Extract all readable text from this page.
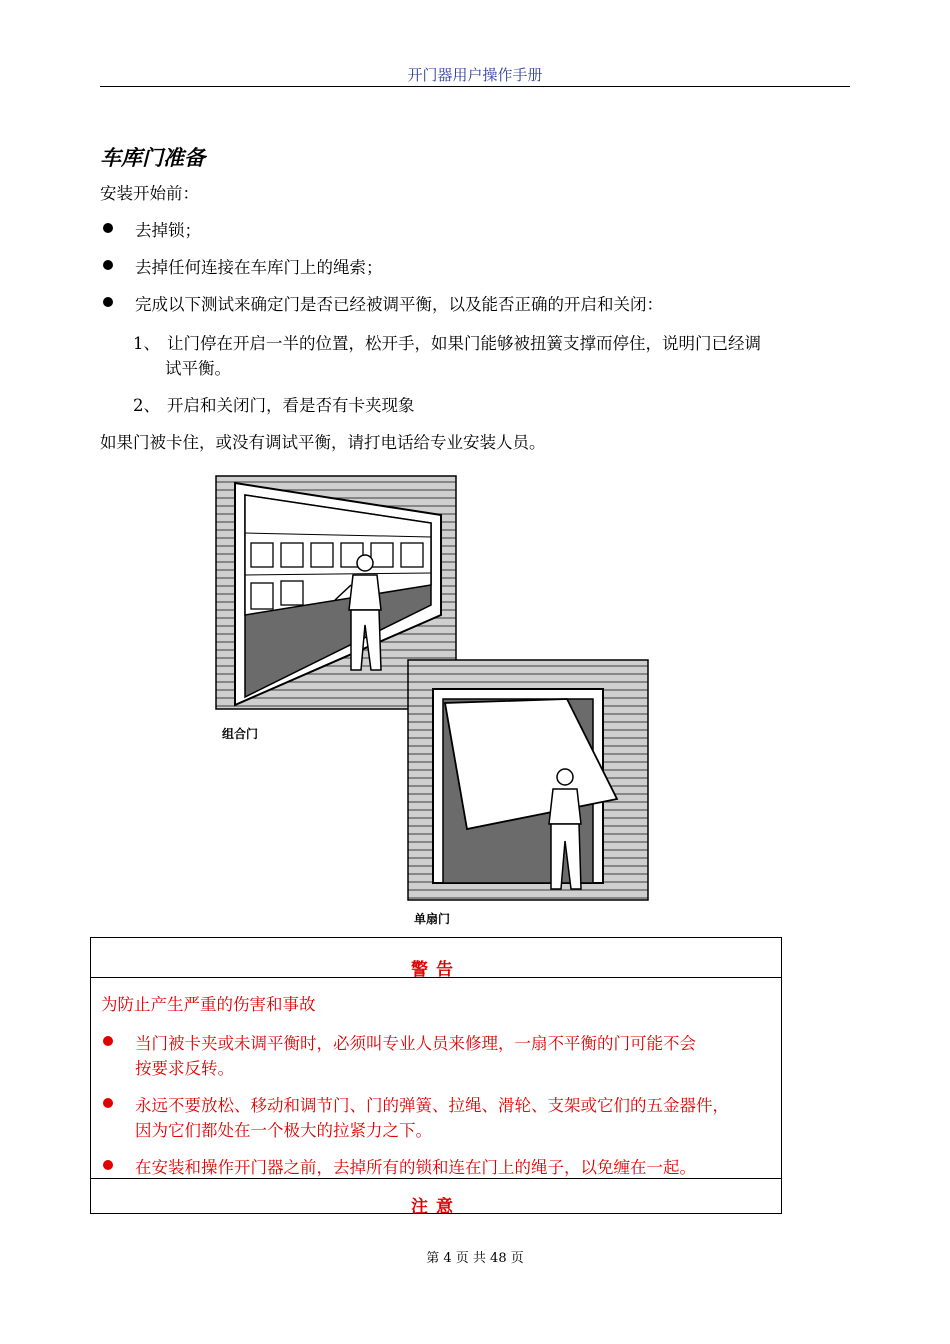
开门器用户操作手册
车库门准备
安装开始前：
去掉锁；
去掉任何连接在车库门上的绳索；
完成以下测试来确定门是否已经被调平衡，以及能否正确的开启和关闭：
1、 让门停在开启一半的位置，松开手，如果门能够被扭簧支撑而停住，说明门已经调
试平衡。
2、 开启和关闭门，看是否有卡夹现象
如果门被卡住，或没有调试平衡，请打电话给专业安装人员。
组合门
单扇门
警告
为防止产生严重的伤害和事故
当门被卡夹或未调平衡时，必须叫专业人员来修理，一扇不平衡的门可能不会
按要求反转。
永远不要放松、移动和调节门、门的弹簧、拉绳、滑轮、支架或它们的五金器件，
因为它们都处在一个极大的拉紧力之下。
在安装和操作开门器之前，去掉所有的锁和连在门上的绳子，以免缠在一起。
注意
第 4 页 共 48 页
